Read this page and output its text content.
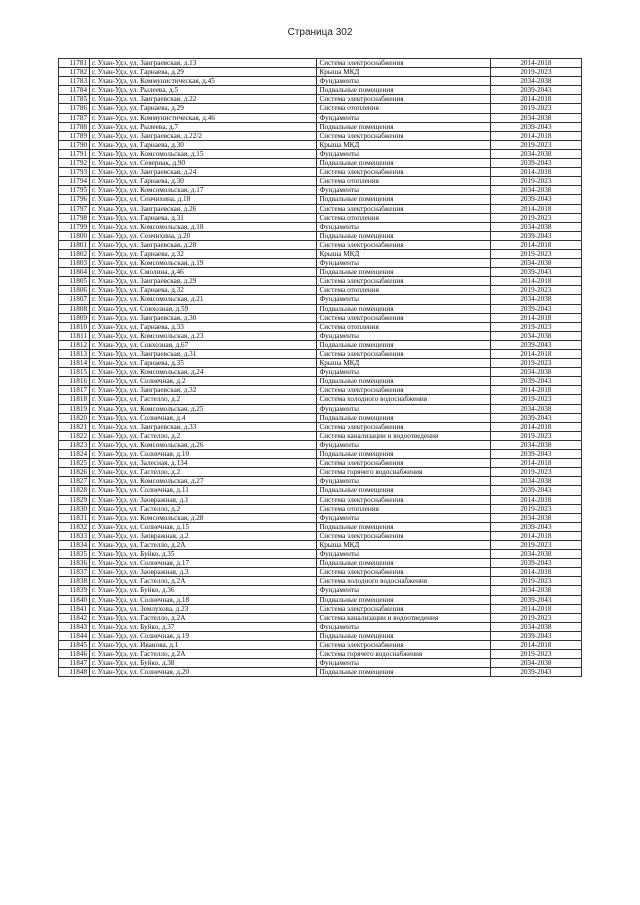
Страница 302
11781	г. Улан-Удэ, ул. Заиграевская, д.13	Система электроснабжения	2014-2018
11782	г. Улан-Удэ, ул. Гарнаева, д.29	Крыша МКД	2019-2023
11783	г. Улан-Удэ, ул. Коммунистическая, д.45	Фундаменты	2034-2038
11784	г. Улан-Удэ, ул. Рылеева, д.5	Подвальные помещения	2039-2043
11785	г. Улан-Удэ, ул. Заиграевская, д.22	Система электроснабжения	2014-2018
11786	г. Улан-Удэ, ул. Гарнаева, д.29	Система отопления	2019-2023
11787	г. Улан-Удэ, ул. Коммунистическая, д.46	Фундаменты	2034-2038
11788	г. Улан-Удэ, ул. Рылеева, д.7	Подвальные помещения	2039-2043
11789	г. Улан-Удэ, ул. Заиграевская, д.22/2	Система электроснабжения	2014-2018
11790	г. Улан-Удэ, ул. Гарнаева, д.30	Крыша МКД	2019-2023
11791	г. Улан-Удэ, ул. Комсомольская, д.15	Фундаменты	2034-2038
11792	г. Улан-Удэ, ул. Севериак, д.90	Подвальные помещения	2039-2043
11793	г. Улан-Удэ, ул. Заиграевская, д.24	Система электроснабжения	2014-2018
11794	г. Улан-Удэ, ул. Гарнаева, д.30	Система отопления	2019-2023
11795	г. Улан-Удэ, ул. Комсомольская, д.17	Фундаменты	2034-2038
11796	г. Улан-Удэ, ул. Сенчихина, д.18	Подвальные помещения	2039-2043
11797	г. Улан-Удэ, ул. Заиграевская, д.26	Система электроснабжения	2014-2018
11798	г. Улан-Удэ, ул. Гарнаева, д.31	Система отопления	2019-2023
11799	г. Улан-Удэ, ул. Комсомольская, д.18	Фундаменты	2034-2038
11800	г. Улан-Удэ, ул. Сенчихина, д.20	Подвальные помещения	2039-2043
11801	г. Улан-Удэ, ул. Заиграевская, д.28	Система электроснабжения	2014-2018
11802	г. Улан-Удэ, ул. Гарнаева, д.32	Крыша МКД	2019-2023
11803	г. Улан-Удэ, ул. Комсомольская, д.19	Фундаменты	2034-2038
11804	г. Улан-Удэ, ул. Смолина, д.46	Подвальные помещения	2039-2043
11805	г. Улан-Удэ, ул. Заиграевская, д.29	Система электроснабжения	2014-2018
11806	г. Улан-Удэ, ул. Гарнаева, д.32	Система отопления	2019-2023
11807	г. Улан-Удэ, ул. Комсомольская, д.21	Фундаменты	2034-2038
11808	г. Улан-Удэ, ул. Совхозная, д.59	Подвальные помещения	2039-2043
11809	г. Улан-Удэ, ул. Заиграевская, д.30	Система электроснабжения	2014-2018
11810	г. Улан-Удэ, ул. Гарнаева, д.33	Система отопления	2019-2023
11811	г. Улан-Удэ, ул. Комсомольская, д.23	Фундаменты	2034-2038
11812	г. Улан-Удэ, ул. Совхозная, д.67	Подвальные помещения	2039-2043
11813	г. Улан-Удэ, ул. Заиграевская, д.31	Система электроснабжения	2014-2018
11814	г. Улан-Удэ, ул. Гарнаева, д.35	Крыша МКД	2019-2023
11815	г. Улан-Удэ, ул. Комсомольская, д.24	Фундаменты	2034-2038
11816	г. Улан-Удэ, ул. Солнечная, д.2	Подвальные помещения	2039-2043
11817	г. Улан-Удэ, ул. Заиграевская, д.32	Система электроснабжения	2014-2018
11818	г. Улан-Удэ, ул. Гастелло, д.2	Система холодного водоснабжения	2019-2023
11819	г. Улан-Удэ, ул. Комсомольская, д.25	Фундаменты	2034-2038
11820	г. Улан-Удэ, ул. Солнечная, д.4	Подвальные помещения	2039-2043
11821	г. Улан-Удэ, ул. Заиграевская, д.33	Система электроснабжения	2014-2018
11822	г. Улан-Удэ, ул. Гастелло, д.2	Система канализации и водоотведения	2019-2023
11823	г. Улан-Удэ, ул. Комсомольская, д.26	Фундаменты	2034-2038
11824	г. Улан-Удэ, ул. Солнечная, д.10	Подвальные помещения	2039-2043
11825	г. Улан-Удэ, ул. Залесная, д.134	Система электроснабжения	2014-2018
11826	г. Улан-Удэ, ул. Гастелло, д.2	Система горячего водоснабжения	2019-2023
11827	г. Улан-Удэ, ул. Комсомольская, д.27	Фундаменты	2034-2038
11828	г. Улан-Удэ, ул. Солнечная, д.11	Подвальные помещения	2039-2043
11829	г. Улан-Удэ, ул. Заовражная, д.1	Система электроснабжения	2014-2018
11830	г. Улан-Удэ, ул. Гастелло, д.2	Система отопления	2019-2023
11831	г. Улан-Удэ, ул. Комсомольская, д.28	Фундаменты	2034-2038
11832	г. Улан-Удэ, ул. Солнечная, д.15	Подвальные помещения	2039-2043
11833	г. Улан-Удэ, ул. Заовражная, д.2	Система электроснабжения	2014-2018
11834	г. Улан-Удэ, ул. Гастелло, д.2А	Крыша МКД	2019-2023
11835	г. Улан-Удэ, ул. Буйко, д.35	Фундаменты	2034-2038
11836	г. Улан-Удэ, ул. Солнечная, д.17	Подвальные помещения	2039-2043
11837	г. Улан-Удэ, ул. Заовражная, д.3	Система электроснабжения	2014-2018
11838	г. Улан-Удэ, ул. Гастелло, д.2А	Система холодного водоснабжения	2019-2023
11839	г. Улан-Удэ, ул. Буйко, д.36	Фундаменты	2034-2038
11840	г. Улан-Удэ, ул. Солнечная, д.18	Подвальные помещения	2039-2043
11841	г. Улан-Удэ, ул. Землухова, д.23	Система электроснабжения	2014-2018
11842	г. Улан-Удэ, ул. Гастелло, д.2А	Система канализации и водоотведения	2019-2023
11843	г. Улан-Удэ, ул. Буйко, д.37	Фундаменты	2034-2038
11844	г. Улан-Удэ, ул. Солнечная, д.19	Подвальные помещения	2039-2043
11845	г. Улан-Удэ, ул. Иванова, д.1	Система электроснабжения	2014-2018
11846	г. Улан-Удэ, ул. Гастелло, д.2А	Система горячего водоснабжения	2019-2023
11847	г. Улан-Удэ, ул. Буйко, д.38	Фундаменты	2034-2038
11848	г. Улан-Удэ, ул. Солнечная, д.20	Подвальные помещения	2039-2043
